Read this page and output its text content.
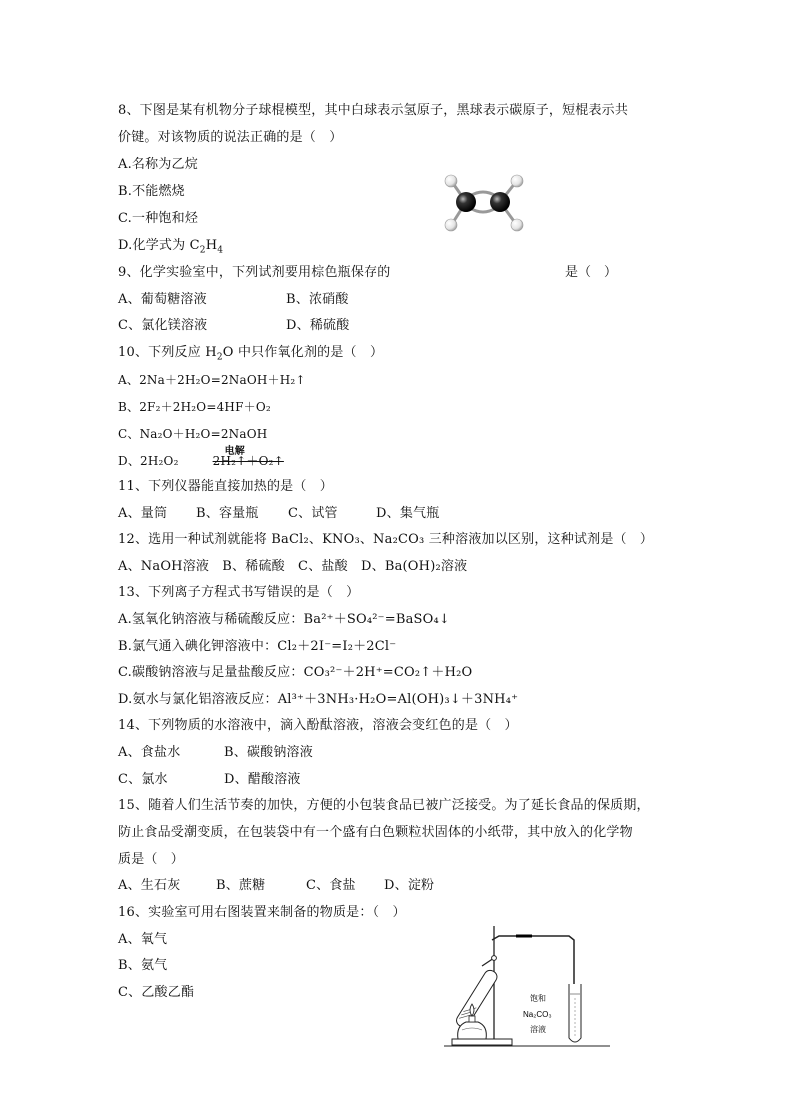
8、下图是某有机物分子球棍模型，其中白球表示氢原子，黑球表示碳原子，短棍表示共
价键。对该物质的说法正确的是（　）
A.名称为乙烷
B.不能燃烧
C.一种饱和烃
D.化学式为 $C_2H_4$
9、化学实验室中，下列试剂要用棕色瓶保存的	是（　）
A、葡萄糖溶液	B、浓硝酸
C、氯化镁溶液	D、稀硫酸
10、下列反应 $H_2O$ 中只作氧化剂的是（　）
A、2Na＋2H₂O=2NaOH＋H₂↑
B、2F₂＋2H₂O=4HF＋O₂
C、Na₂O＋H₂O=2NaOH
D、2H₂O₂
电解
2H₂↑＋O₂↑
11、下列仪器能直接加热的是（　）
A、量筒 B、容量瓶 C、试管	D、集气瓶
12、选用一种试剂就能将 BaCl₂、KNO₃、Na₂CO₃ 三种溶液加以区别，这种试剂是（　）
A、NaOH溶液　B、稀硫酸　C、盐酸　D、Ba(OH)₂溶液
13、下列离子方程式书写错误的是（　）
A.氢氧化钠溶液与稀硫酸反应：Ba²⁺＋SO₄²⁻=BaSO₄↓
B.氯气通入碘化钾溶液中：Cl₂＋2I⁻=I₂＋2Cl⁻
C.碳酸钠溶液与足量盐酸反应：CO₃²⁻＋2H⁺=CO₂↑＋H₂O
D.氨水与氯化铝溶液反应：Al³⁺＋3NH₃·H₂O=Al(OH)₃↓＋3NH₄⁺
14、下列物质的水溶液中，滴入酚酞溶液，溶液会变红色的是（　）
A、食盐水	B、碳酸钠溶液
C、氯水	D、醋酸溶液
15、随着人们生活节奏的加快，方便的小包装食品已被广泛接受。为了延长食品的保质期，
防止食品受潮变质，在包装袋中有一个盛有白色颗粒状固体的小纸带，其中放入的化学物
质是（　）
A、生石灰	B、蔗糖	C、食盐 D、淀粉
16、实验室可用右图装置来制备的物质是：（　）
A、氧气
B、氨气
C、乙酸乙酯	饱和
Na₂CO₃
溶液
